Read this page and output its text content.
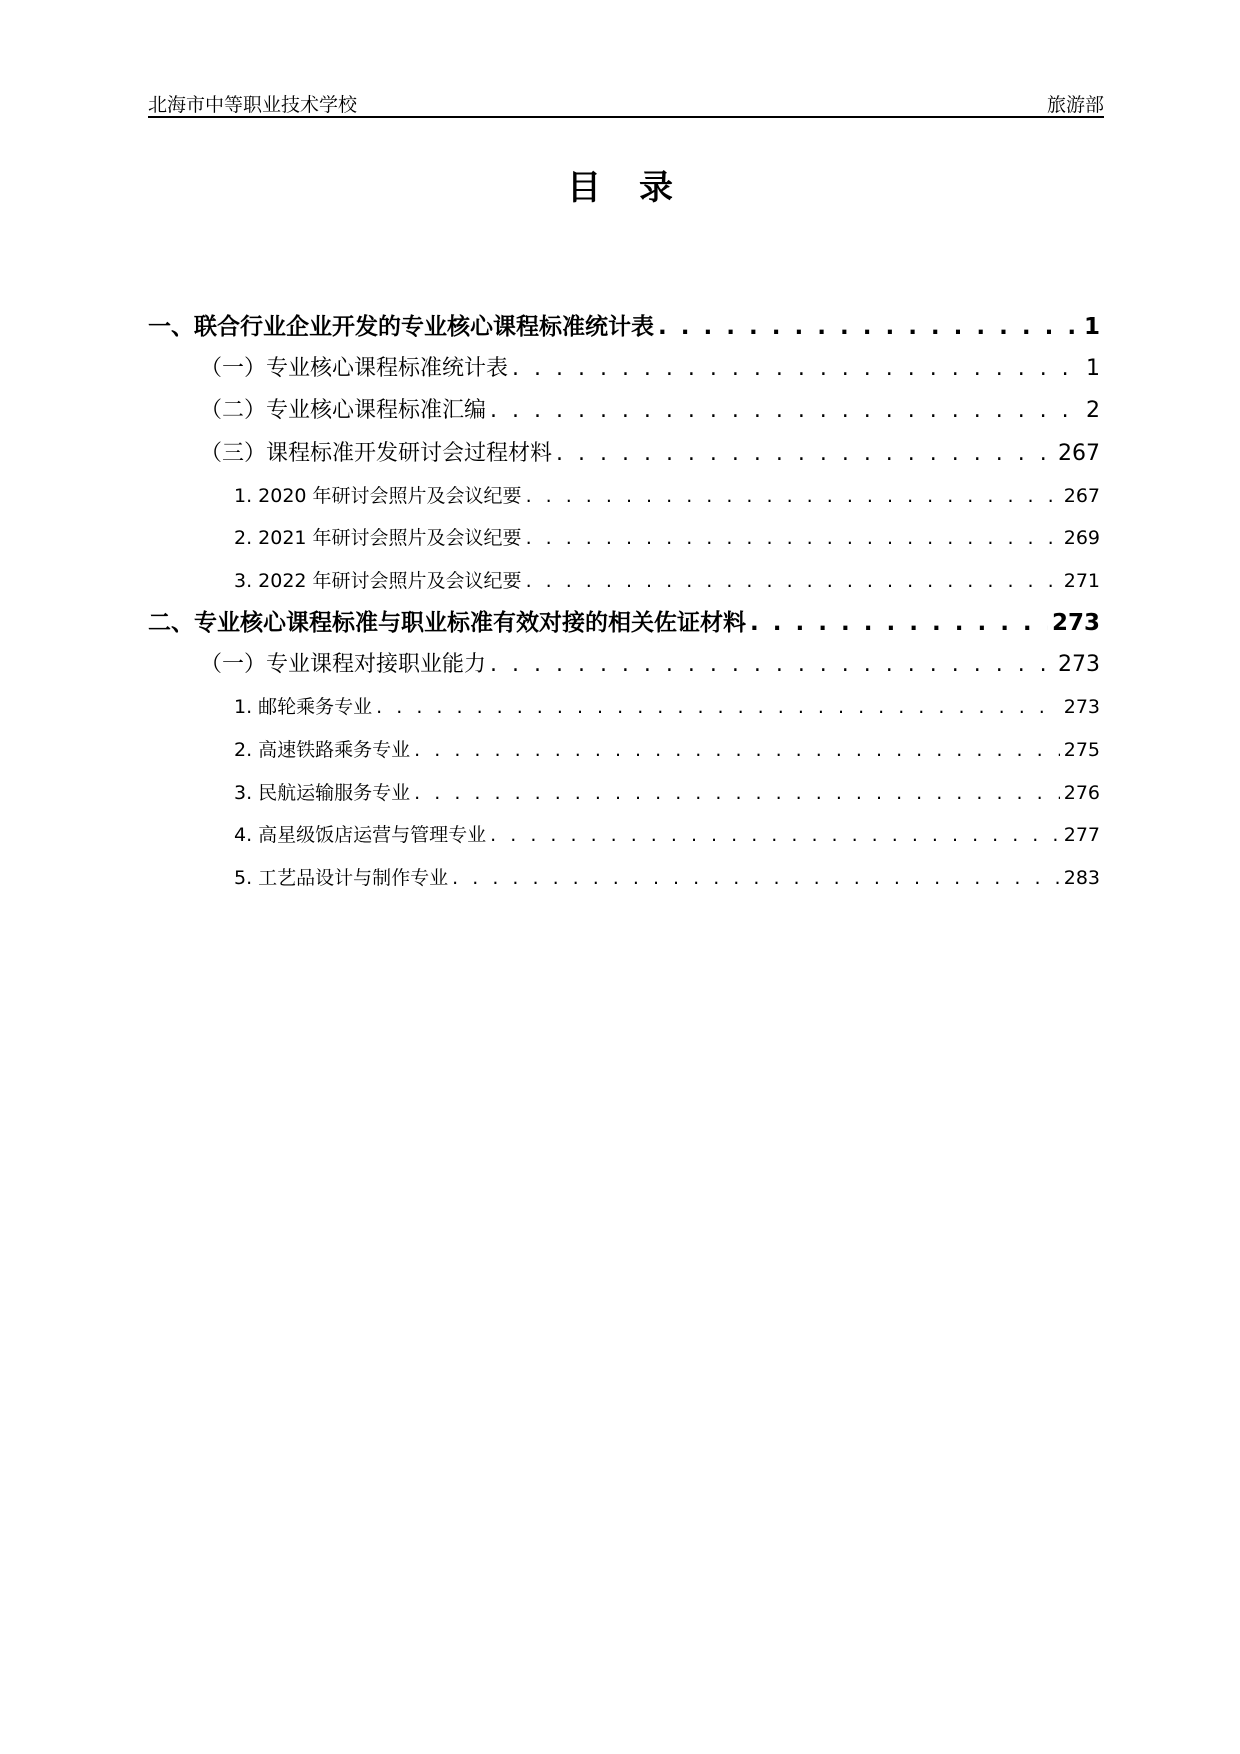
北海市中等职业技术学校	旅游部
目 录
一、联合行业企业开发的专业核心课程标准统计表 . . .	1
（一）专业核心课程标准统计表 . . .	1
（二）专业核心课程标准汇编 . . .	2
（三）课程标准开发研讨会过程材料 . . .	267
1. 2020 年研讨会照片及会议纪要 . . .	267
2. 2021 年研讨会照片及会议纪要 . . .	269
3. 2022 年研讨会照片及会议纪要 . . .	271
二、专业核心课程标准与职业标准有效对接的相关佐证材料 . . .	273
（一）专业课程对接职业能力 . . .	273
1. 邮轮乘务专业 . . .	273
2. 高速铁路乘务专业 . . .	275
3. 民航运输服务专业 . . .	276
4. 高星级饭店运营与管理专业 . . .	277
5. 工艺品设计与制作专业 . . .	283
